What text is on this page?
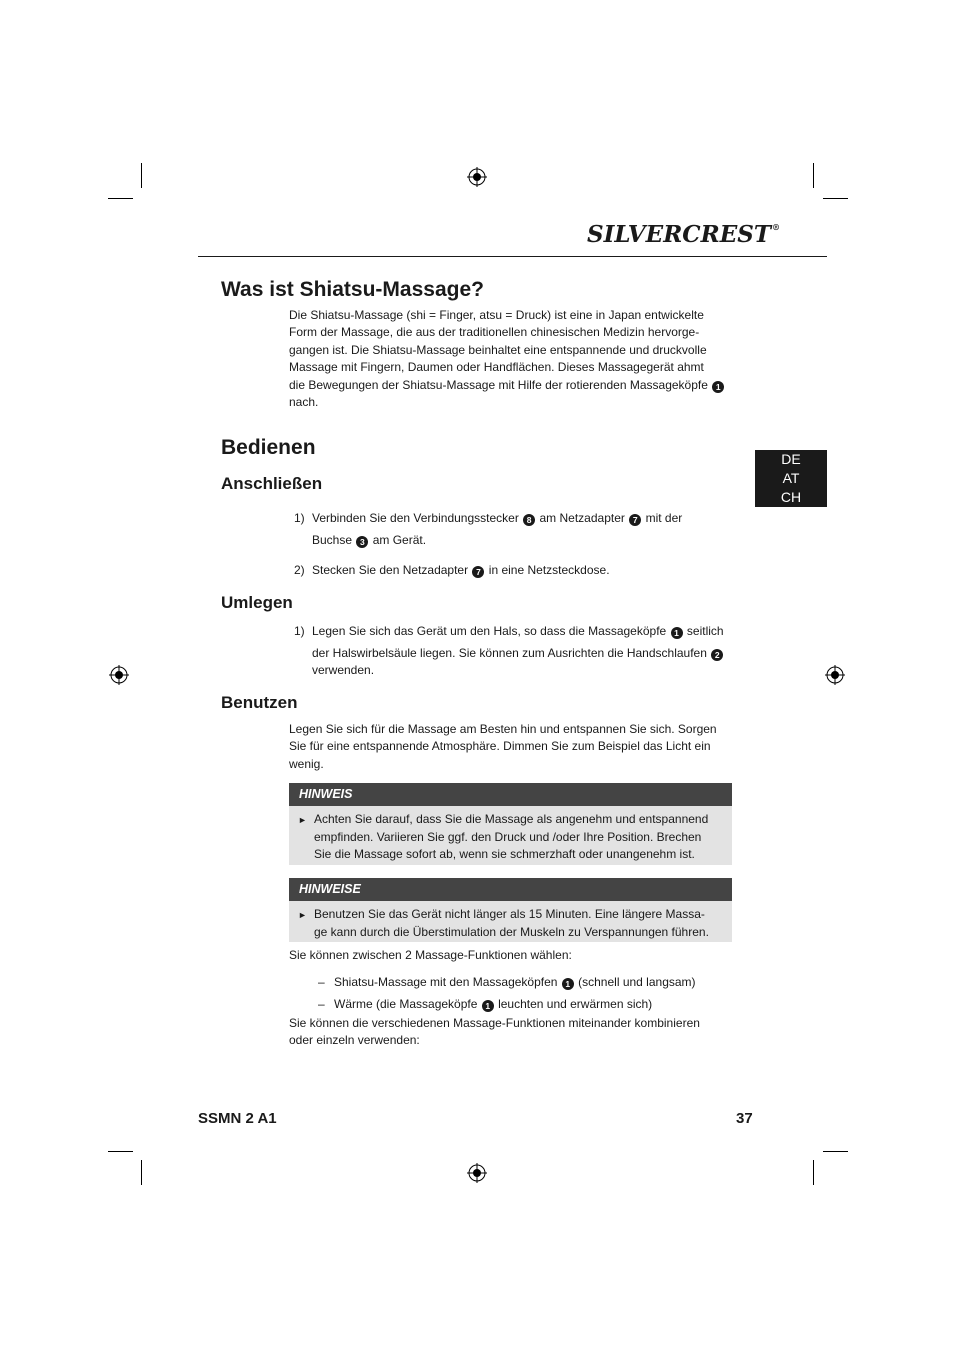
SILVERCREST®
Was ist Shiatsu-Massage?
Die Shiatsu-Massage (shi = Finger, atsu = Druck) ist eine in Japan entwickelte
Form der Massage, die aus der traditionellen chinesischen Medizin hervorge-
gangen ist. Die Shiatsu-Massage beinhaltet eine entspannende und druckvolle
Massage mit Fingern, Daumen oder Handflächen. Dieses Massagegerät ahmt
die Bewegungen der Shiatsu-Massage mit Hilfe der rotierenden Massageköpfe 1
nach.
Bedienen	DE
AT
CH
Anschließen
1) Verbinden Sie den Verbindungsstecker 8 am Netzadapter 7 mit der
Buchse 3 am Gerät.
2) Stecken Sie den Netzadapter 7 in eine Netzsteckdose.
Umlegen
1) Legen Sie sich das Gerät um den Hals, so dass die Massageköpfe 1 seitlich
der Halswirbelsäule liegen. Sie können zum Ausrichten die Handschlaufen 2
verwenden.
Benutzen
Legen Sie sich für die Massage am Besten hin und entspannen Sie sich. Sorgen
Sie für eine entspannende Atmosphäre. Dimmen Sie zum Beispiel das Licht ein
wenig.
HINWEIS
► Achten Sie darauf, dass Sie die Massage als angenehm und entspannend
empfinden. Variieren Sie ggf. den Druck und /oder Ihre Position. Brechen
Sie die Massage sofort ab, wenn sie schmerzhaft oder unangenehm ist.
HINWEISE
► Benutzen Sie das Gerät nicht länger als 15 Minuten. Eine längere Massa-
ge kann durch die Überstimulation der Muskeln zu Verspannungen führen.
Sie können zwischen 2 Massage-Funktionen wählen:
– Shiatsu-Massage mit den Massageköpfen 1 (schnell und langsam)
– Wärme (die Massageköpfe 1 leuchten und erwärmen sich)
Sie können die verschiedenen Massage-Funktionen miteinander kombinieren
oder einzeln verwenden:
SSMN 2 A1	37
